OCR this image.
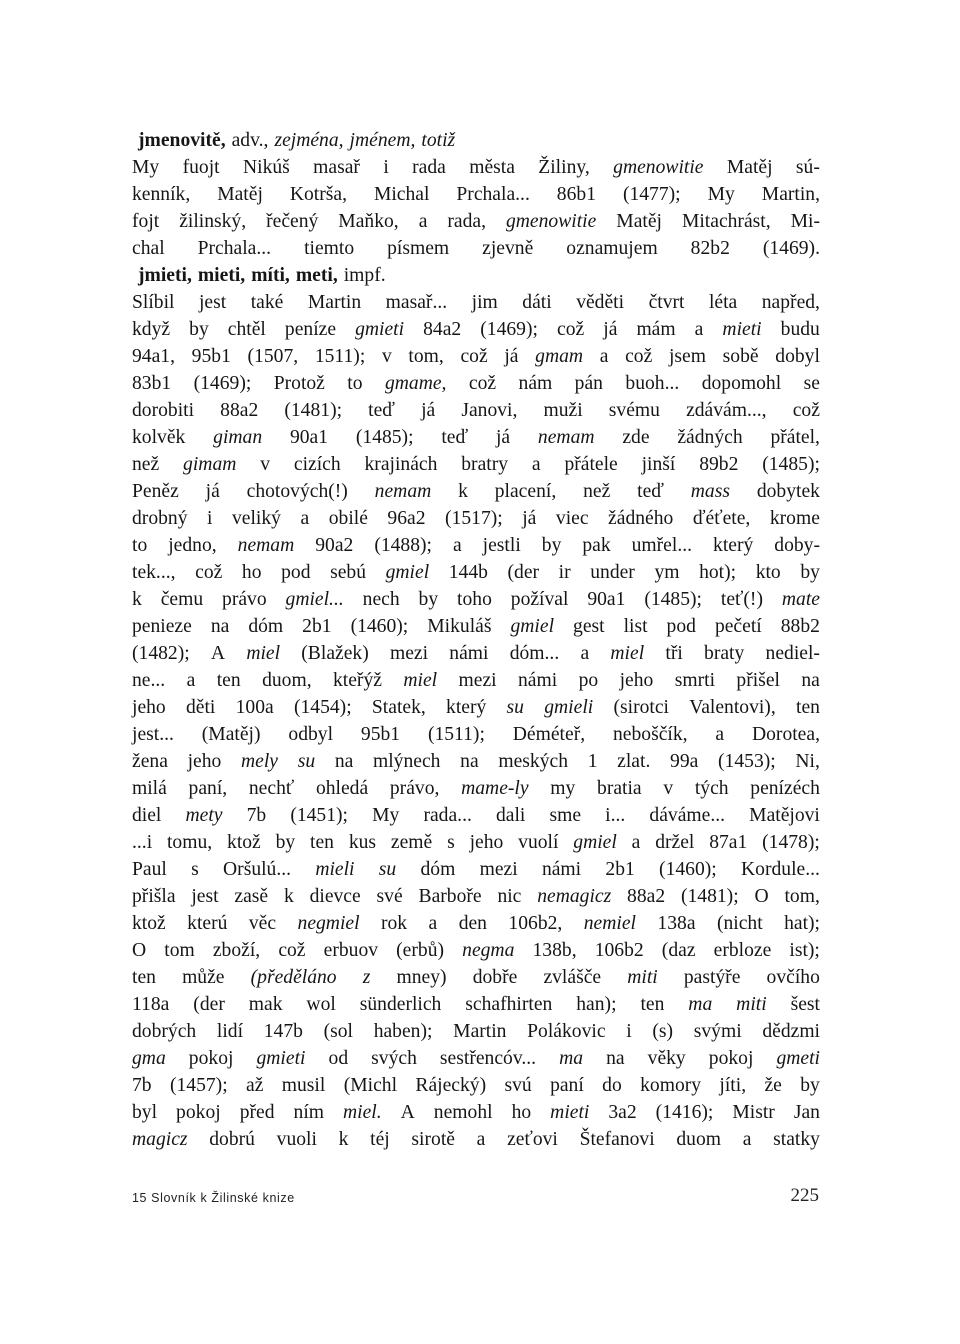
jmenovitě, adv., zejména, jménem, totiž
My fuojt Nikúš masař i rada města Žiliny, gmenowitie Matěj sú-
kenník, Matěj Kotrša, Michal Prchala... 86b1 (1477); My Martin,
fojt žilinský, řečený Maňko, a rada, gmenowitie Matěj Mitachrást, Mi-
chal Prchala... tiemto písmem zjevně oznamujem 82b2 (1469).
jmieti, mieti, míti, meti, impf.
Slíbil jest také Martin masař... jim dáti věděti čtvrt léta napřed,
když by chtěl peníze gmieti 84a2 (1469); což já mám a mieti budu
94a1, 95b1 (1507, 1511); v tom, což já gmam a což jsem sobě dobyl
83b1 (1469); Protož to gmame, což nám pán buoh... dopomohl se
dorobiti 88a2 (1481); teď já Janovi, muži svému zdávám..., což
kolvěk giman 90a1 (1485); teď já nemam zde žádných přátel,
než gimam v cizích krajinách bratry a přátele jinší 89b2 (1485);
Peněz já chotových(!) nemam k placení, než teď mass dobytek
drobný i veliký a obilé 96a2 (1517); já viec žádného ďéťete, krome
to jedno, nemam 90a2 (1488); a jestli by pak umřel... který doby-
tek..., což ho pod sebú gmiel 144b (der ir under ym hot); kto by
k čemu právo gmiel... nech by toho požíval 90a1 (1485); teť(!) mate
penieze na dóm 2b1 (1460); Mikuláš gmiel gest list pod pečetí 88b2
(1482); A miel (Blažek) mezi námi dóm... a miel tři braty nediel-
ne... a ten duom, kteřýž miel mezi námi po jeho smrti přišel na
jeho děti 100a (1454); Statek, který su gmieli (sirotci Valentovi), ten
jest... (Matěj) odbyl 95b1 (1511); Déméteř, neboščík, a Dorotea,
žena jeho mely su na mlýnech na meských 1 zlat. 99a (1453); Ni,
milá paní, nechť ohledá právo, mame-ly my bratia v tých penízéch
diel mety 7b (1451); My rada... dali sme i... dáváme... Matějovi
...i tomu, ktož by ten kus země s jeho vuolí gmiel a držel 87a1 (1478);
Paul s Oršulú... mieli su dóm mezi námi 2b1 (1460); Kordule...
přišla jest zasě k dievce své Barboře nic nemagicz 88a2 (1481); O tom,
ktož kterú věc negmiel rok a den 106b2, nemiel 138a (nicht hat);
O tom zboží, což erbuov (erbů) negma 138b, 106b2 (daz erbloze ist);
ten může (předěláno z mney) dobře zvlášče miti pastýře ovčího
118a (der mak wol sünderlich schafhirten han); ten ma miti šest
dobrých lidí 147b (sol haben); Martin Polákovic i (s) svými dědzmi
gma pokoj gmieti od svých sestřencóv... ma na věky pokoj gmeti
7b (1457); až musil (Michl Rájecký) svú paní do komory jíti, že by
byl pokoj před ním miel. A nemohl ho mieti 3a2 (1416); Mistr Jan
magicz dobrú vuoli k téj sirotě a zeťovi Štefanovi duom a statky
15 Slovník k Žilinské knize	225
